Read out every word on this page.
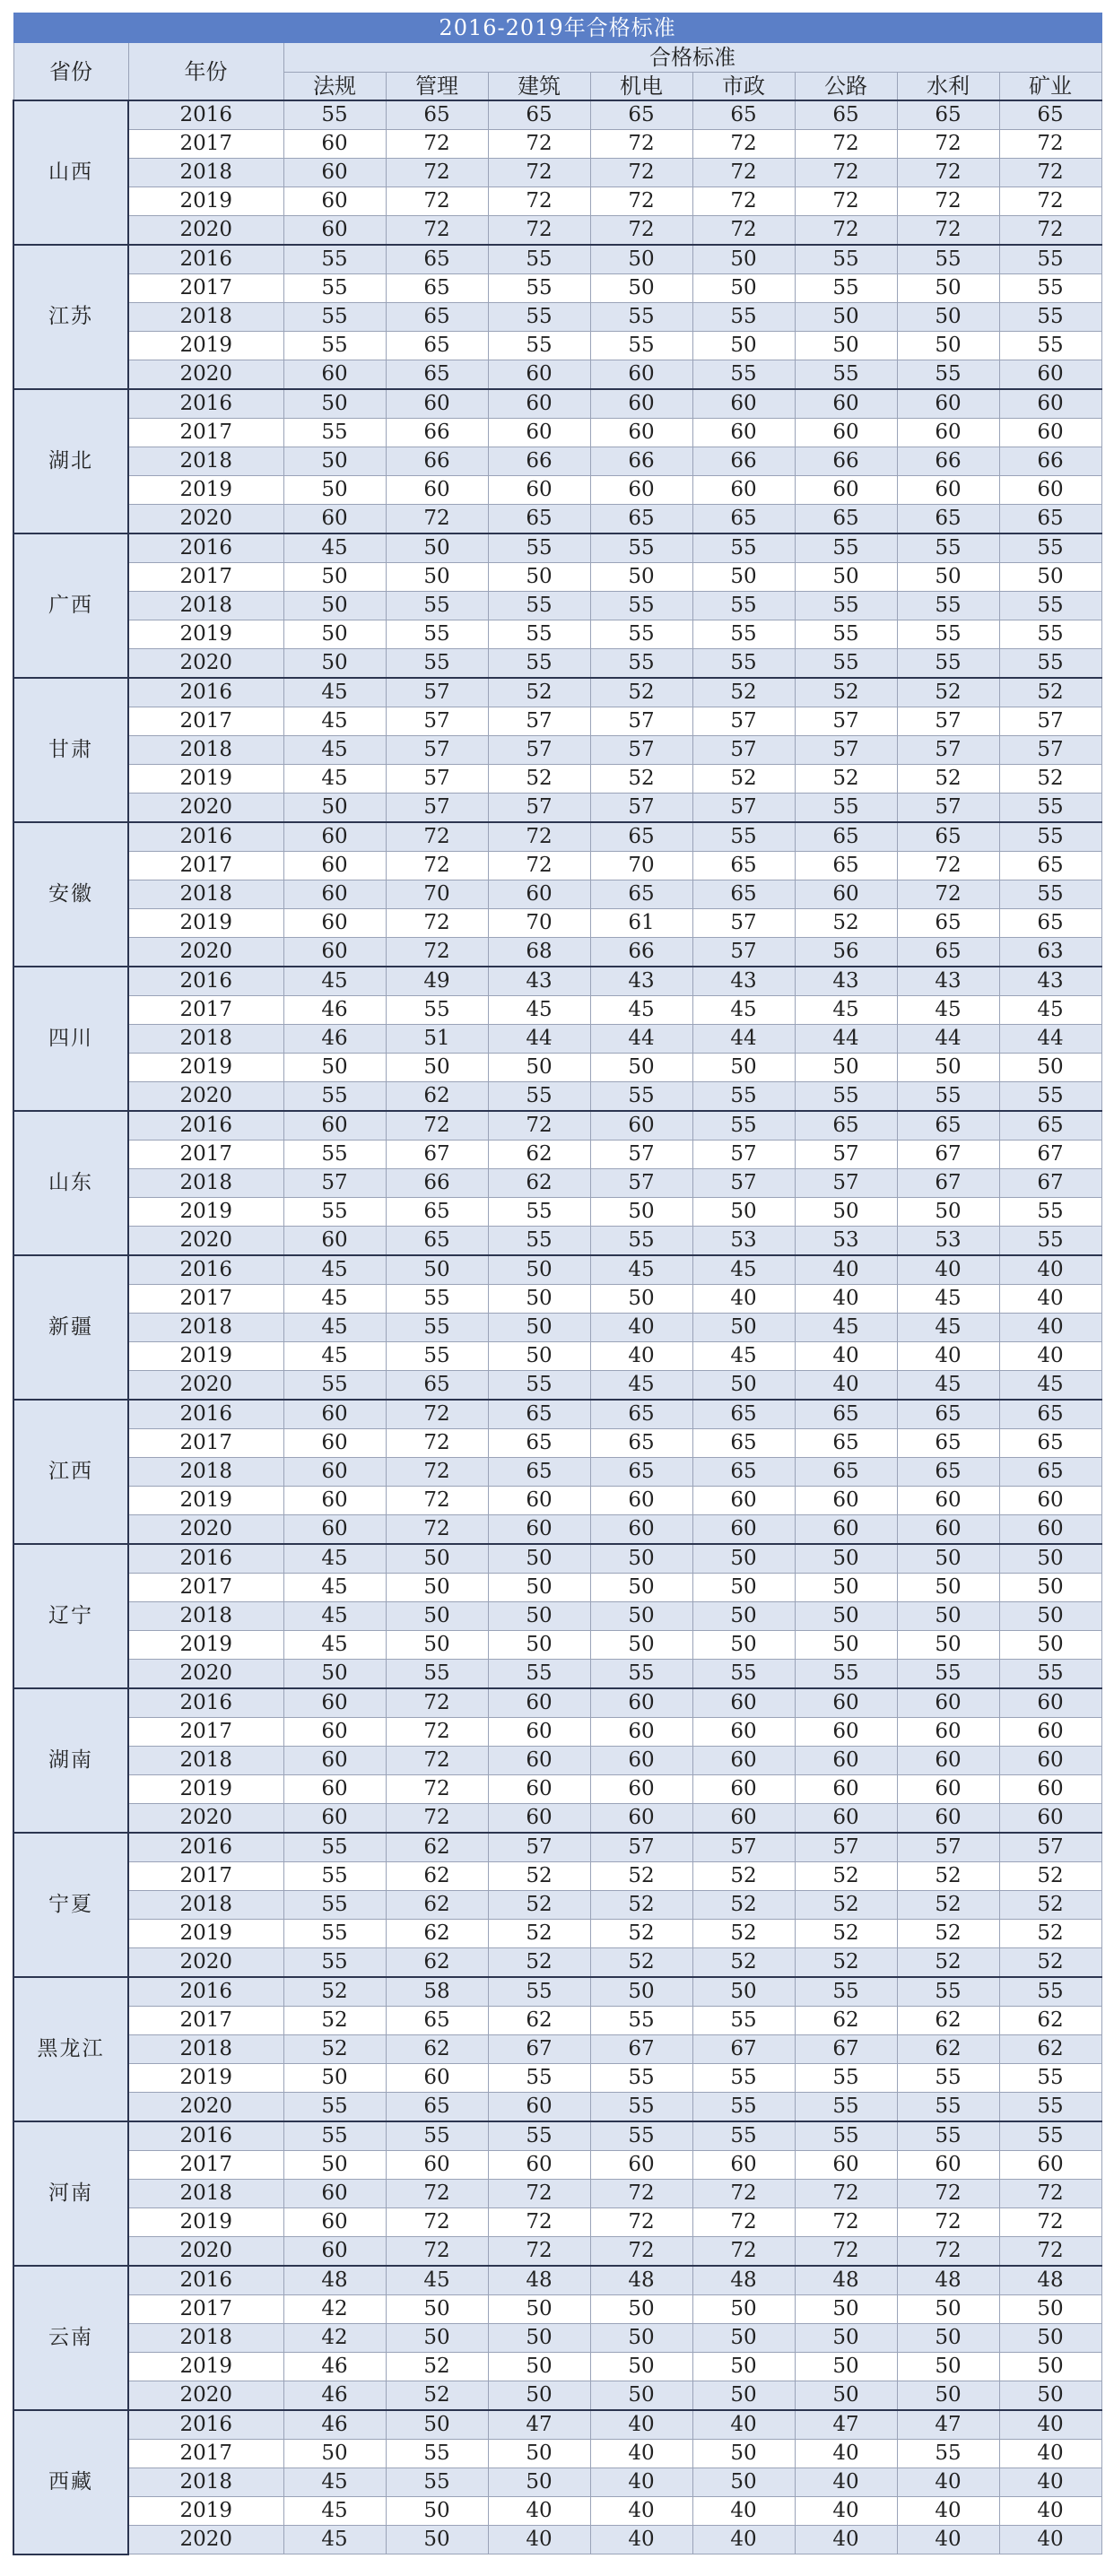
2016-2019年合格标准									
省份	年份	合格标准							
		法规	管理	建筑	机电	市政	公路	水利	矿业
山西	2016	55	65	65	65	65	65	65	65
	2017	60	72	72	72	72	72	72	72
	2018	60	72	72	72	72	72	72	72
	2019	60	72	72	72	72	72	72	72
	2020	60	72	72	72	72	72	72	72
江苏	2016	55	65	55	50	50	55	55	55
	2017	55	65	55	50	50	55	50	55
	2018	55	65	55	55	55	50	50	55
	2019	55	65	55	55	50	50	50	55
	2020	60	65	60	60	55	55	55	60
湖北	2016	50	60	60	60	60	60	60	60
	2017	55	66	60	60	60	60	60	60
	2018	50	66	66	66	66	66	66	66
	2019	50	60	60	60	60	60	60	60
	2020	60	72	65	65	65	65	65	65
广西	2016	45	50	55	55	55	55	55	55
	2017	50	50	50	50	50	50	50	50
	2018	50	55	55	55	55	55	55	55
	2019	50	55	55	55	55	55	55	55
	2020	50	55	55	55	55	55	55	55
甘肃	2016	45	57	52	52	52	52	52	52
	2017	45	57	57	57	57	57	57	57
	2018	45	57	57	57	57	57	57	57
	2019	45	57	52	52	52	52	52	52
	2020	50	57	57	57	57	55	57	55
安徽	2016	60	72	72	65	55	65	65	55
	2017	60	72	72	70	65	65	72	65
	2018	60	70	60	65	65	60	72	55
	2019	60	72	70	61	57	52	65	65
	2020	60	72	68	66	57	56	65	63
四川	2016	45	49	43	43	43	43	43	43
	2017	46	55	45	45	45	45	45	45
	2018	46	51	44	44	44	44	44	44
	2019	50	50	50	50	50	50	50	50
	2020	55	62	55	55	55	55	55	55
山东	2016	60	72	72	60	55	65	65	65
	2017	55	67	62	57	57	57	67	67
	2018	57	66	62	57	57	57	67	67
	2019	55	65	55	50	50	50	50	55
	2020	60	65	55	55	53	53	53	55
新疆	2016	45	50	50	45	45	40	40	40
	2017	45	55	50	50	40	40	45	40
	2018	45	55	50	40	50	45	45	40
	2019	45	55	50	40	45	40	40	40
	2020	55	65	55	45	50	40	45	45
江西	2016	60	72	65	65	65	65	65	65
	2017	60	72	65	65	65	65	65	65
	2018	60	72	65	65	65	65	65	65
	2019	60	72	60	60	60	60	60	60
	2020	60	72	60	60	60	60	60	60
辽宁	2016	45	50	50	50	50	50	50	50
	2017	45	50	50	50	50	50	50	50
	2018	45	50	50	50	50	50	50	50
	2019	45	50	50	50	50	50	50	50
	2020	50	55	55	55	55	55	55	55
湖南	2016	60	72	60	60	60	60	60	60
	2017	60	72	60	60	60	60	60	60
	2018	60	72	60	60	60	60	60	60
	2019	60	72	60	60	60	60	60	60
	2020	60	72	60	60	60	60	60	60
宁夏	2016	55	62	57	57	57	57	57	57
	2017	55	62	52	52	52	52	52	52
	2018	55	62	52	52	52	52	52	52
	2019	55	62	52	52	52	52	52	52
	2020	55	62	52	52	52	52	52	52
黑龙江	2016	52	58	55	50	50	55	55	55
	2017	52	65	62	55	55	62	62	62
	2018	52	62	67	67	67	67	62	62
	2019	50	60	55	55	55	55	55	55
	2020	55	65	60	55	55	55	55	55
河南	2016	55	55	55	55	55	55	55	55
	2017	50	60	60	60	60	60	60	60
	2018	60	72	72	72	72	72	72	72
	2019	60	72	72	72	72	72	72	72
	2020	60	72	72	72	72	72	72	72
云南	2016	48	45	48	48	48	48	48	48
	2017	42	50	50	50	50	50	50	50
	2018	42	50	50	50	50	50	50	50
	2019	46	52	50	50	50	50	50	50
	2020	46	52	50	50	50	50	50	50
西藏	2016	46	50	47	40	40	47	47	40
	2017	50	55	50	40	50	40	55	40
	2018	45	55	50	40	50	40	40	40
	2019	45	50	40	40	40	40	40	40
	2020	45	50	40	40	40	40	40	40
